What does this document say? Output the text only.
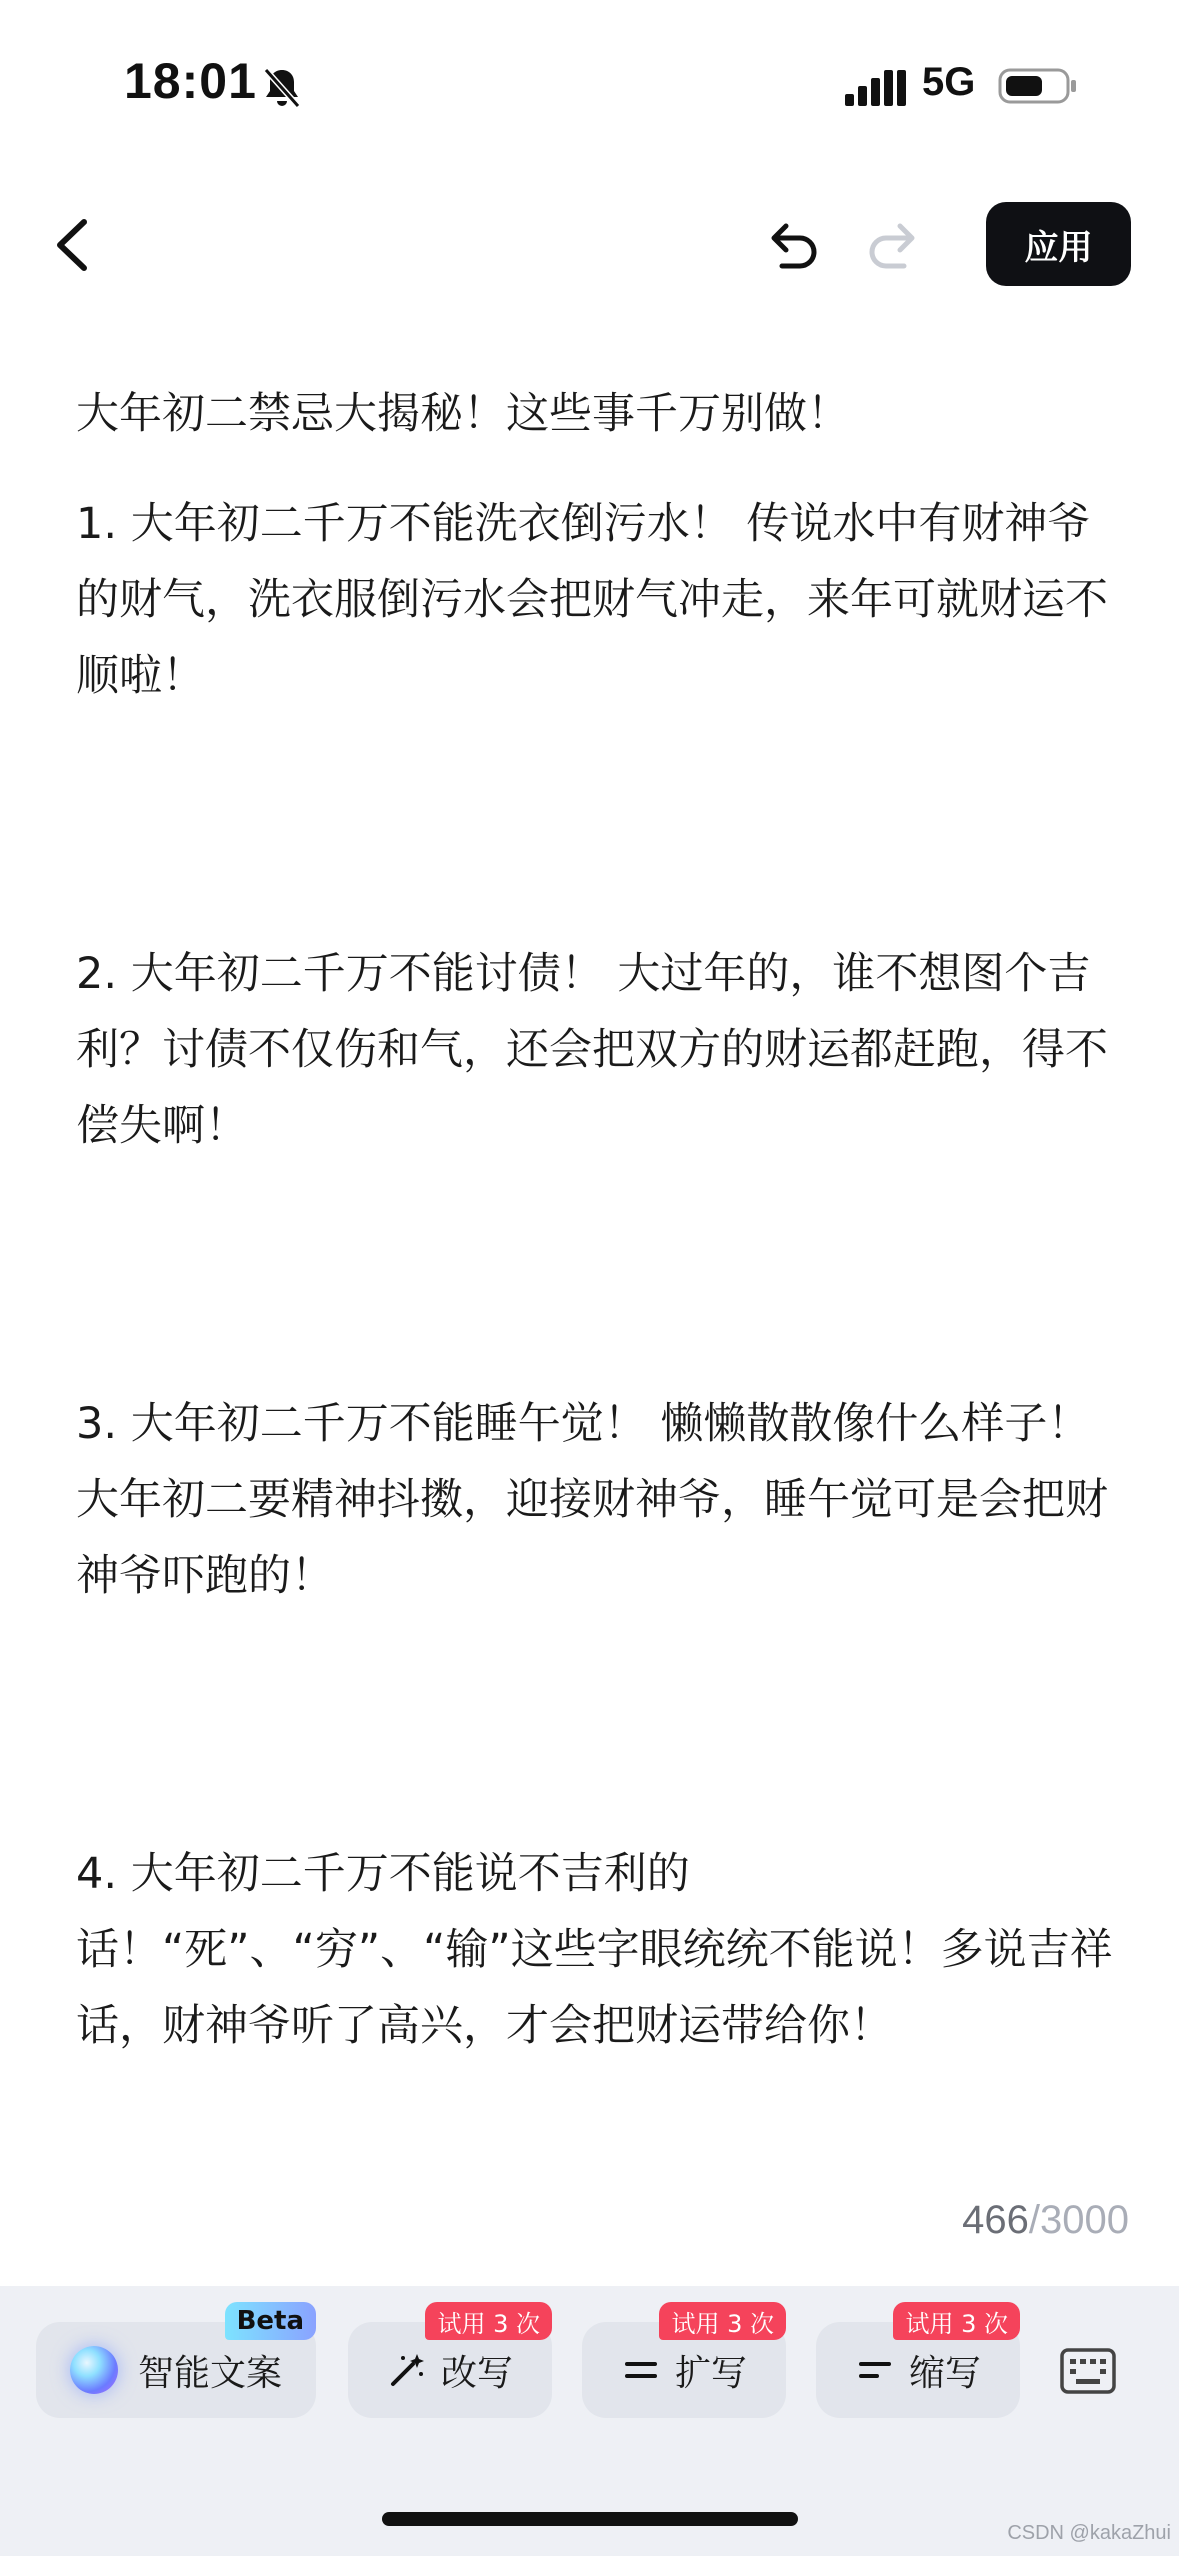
18:01	5G
应用

大年初二禁忌大揭秘！这些事千万别做！

1. 大年初二千万不能洗衣倒污水！ 传说水中有财神爷的财气，洗衣服倒污水会把财气冲走，来年可就财运不顺啦！

2. 大年初二千万不能讨债！ 大过年的，谁不想图个吉利？讨债不仅伤和气，还会把双方的财运都赶跑，得不偿失啊！

3. 大年初二千万不能睡午觉！ 懒懒散散像什么样子！大年初二要精神抖擞，迎接财神爷，睡午觉可是会把财神爷吓跑的！

4. 大年初二千万不能说不吉利的话！“死”、“穷”、“输”这些字眼统统不能说！多说吉祥话，财神爷听了高兴，才会把财运带给你！

466/3000
智能文案
Beta
改写
试用 3 次
扩写
试用 3 次
缩写
试用 3 次
CSDN @kakaZhui
